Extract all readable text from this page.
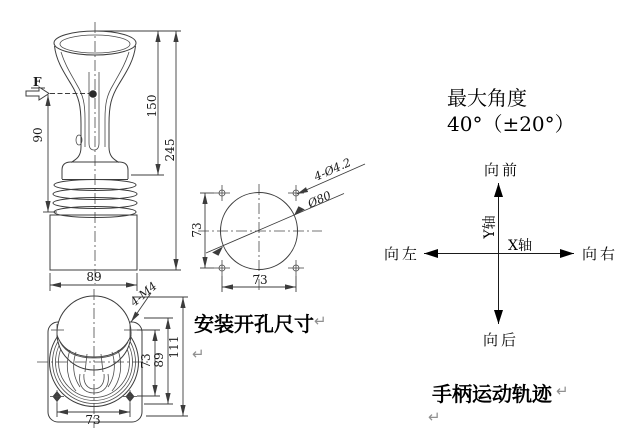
F
150
245
90
89
73
73
Ø80
4-Ø4.2
4-M4
73 89
111
73
向前
向后
向左	向右
X轴
Y轴
最大角度
40°（±20°）
安装开孔尺寸 ↵
↵
手柄运动轨迹 ↵
↵
